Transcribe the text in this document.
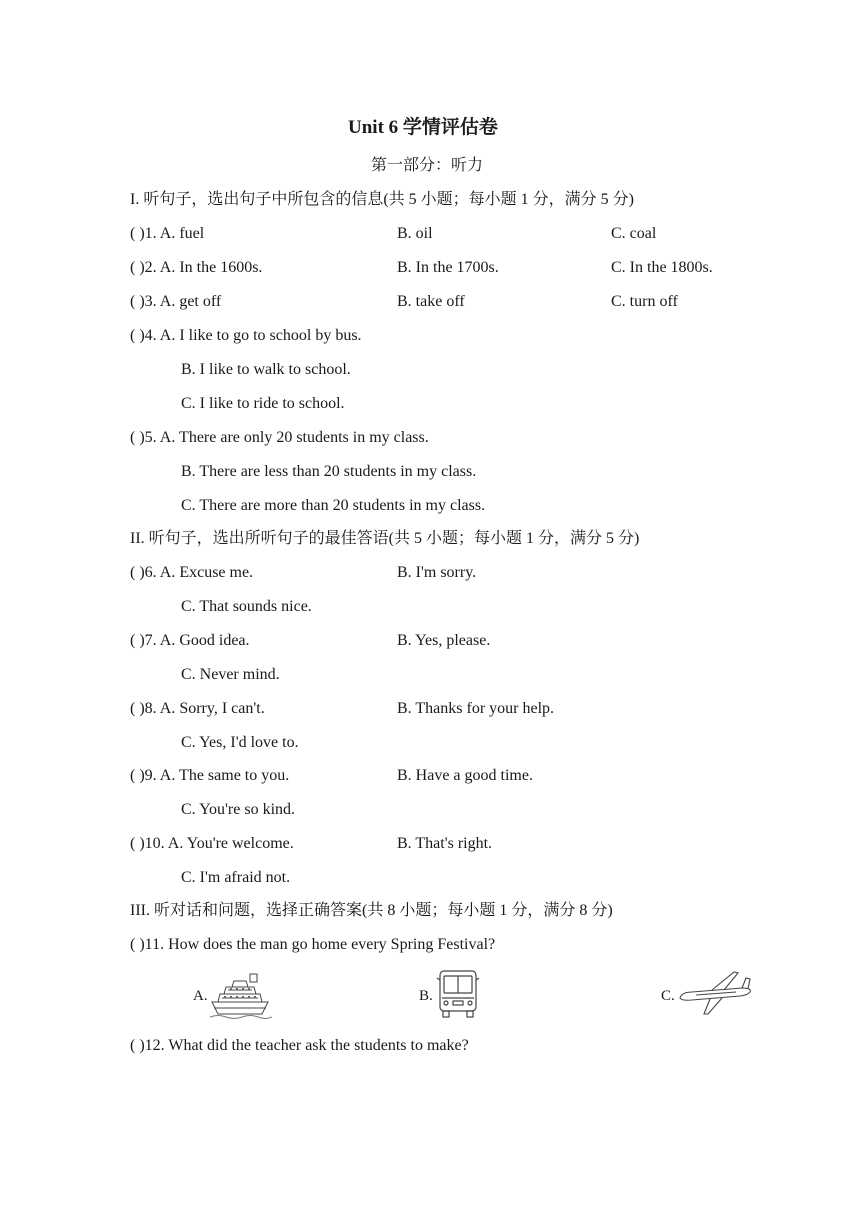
Unit 6 学情评估卷
第一部分：听力
I. 听句子，选出句子中所包含的信息(共 5 小题；每小题 1 分，满分 5 分)
( )1. A. fuel	B. oil	C. coal
( )2. A. In the 1600s.	B. In the 1700s.	C. In the 1800s.
( )3. A. get off	B. take off	C. turn off
( )4. A. I like to go to school by bus.
B. I like to walk to school.
C. I like to ride to school.
( )5. A. There are only 20 students in my class.
B. There are less than 20 students in my class.
C. There are more than 20 students in my class.
II. 听句子，选出所听句子的最佳答语(共 5 小题；每小题 1 分，满分 5 分)
( )6. A. Excuse me.	B. I'm sorry.
C. That sounds nice.
( )7. A. Good idea.	B. Yes, please.
C. Never mind.
( )8. A. Sorry, I can't.	B. Thanks for your help.
C. Yes, I'd love to.
( )9. A. The same to you.	B. Have a good time.
C. You're so kind.
( )10. A. You're welcome.	B. That's right.
C. I'm afraid not.
III. 听对话和问题，选择正确答案(共 8 小题；每小题 1 分，满分 8 分)
( )11. How does the man go home every Spring Festival?
A.	B.	C.
( )12. What did the teacher ask the students to make?
